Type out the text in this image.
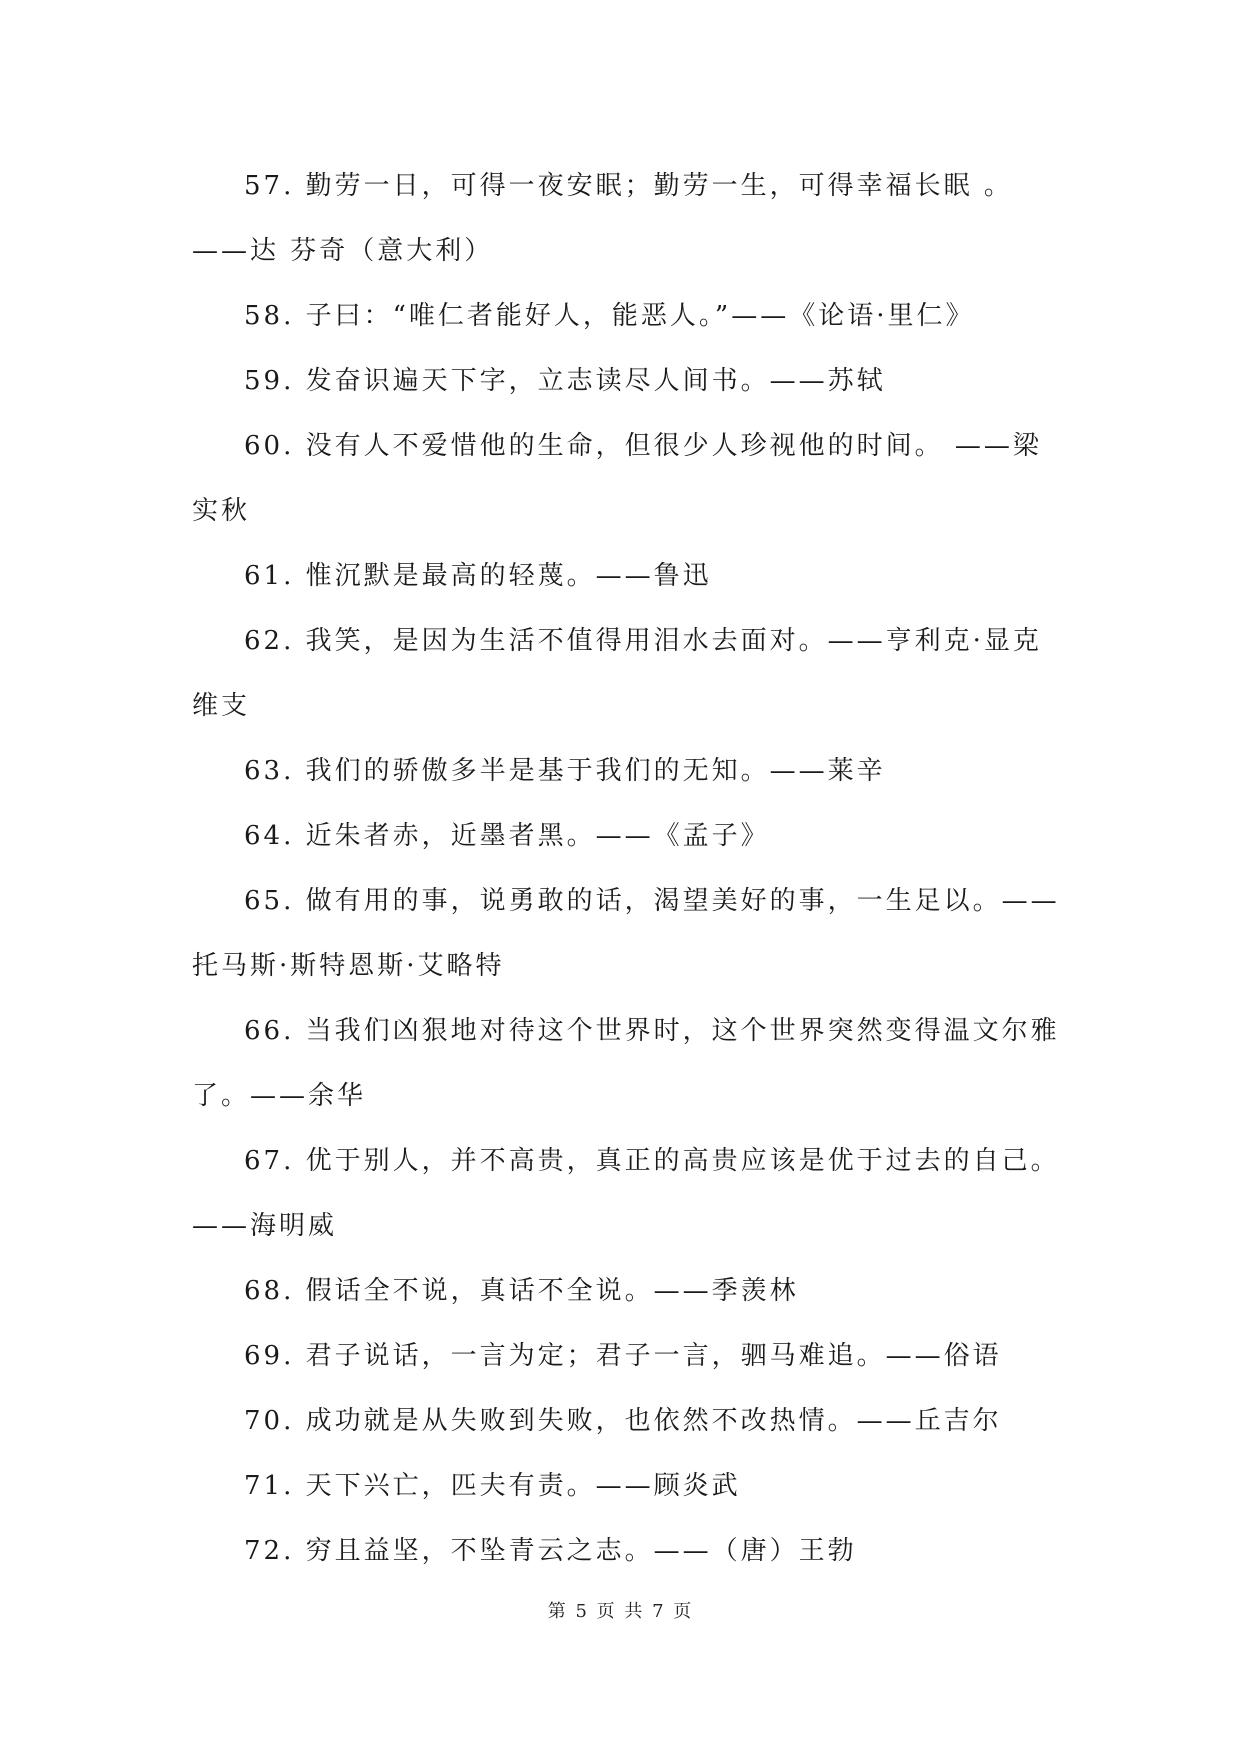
57. 勤劳一日，可得一夜安眠；勤劳一生，可得幸福长眠 。——达 芬奇（意大利）

58. 子曰：“唯仁者能好人，能恶人。”——《论语·里仁》

59. 发奋识遍天下字，立志读尽人间书。——苏轼

60. 没有人不爱惜他的生命，但很少人珍视他的时间。 ——梁实秋

61. 惟沉默是最高的轻蔑。——鲁迅

62. 我笑，是因为生活不值得用泪水去面对。——亨利克·显克维支

63. 我们的骄傲多半是基于我们的无知。——莱辛

64. 近朱者赤，近墨者黑。——《孟子》

65. 做有用的事，说勇敢的话，渴望美好的事，一生足以。——托马斯·斯特恩斯·艾略特

66. 当我们凶狠地对待这个世界时，这个世界突然变得温文尔雅了。——余华

67. 优于别人，并不高贵，真正的高贵应该是优于过去的自己。——海明威

68. 假话全不说，真话不全说。——季羡林

69. 君子说话，一言为定；君子一言，驷马难追。——俗语

70. 成功就是从失败到失败，也依然不改热情。——丘吉尔

71. 天下兴亡，匹夫有责。——顾炎武

72. 穷且益坚，不坠青云之志。——（唐）王勃

第 5 页 共 7 页
